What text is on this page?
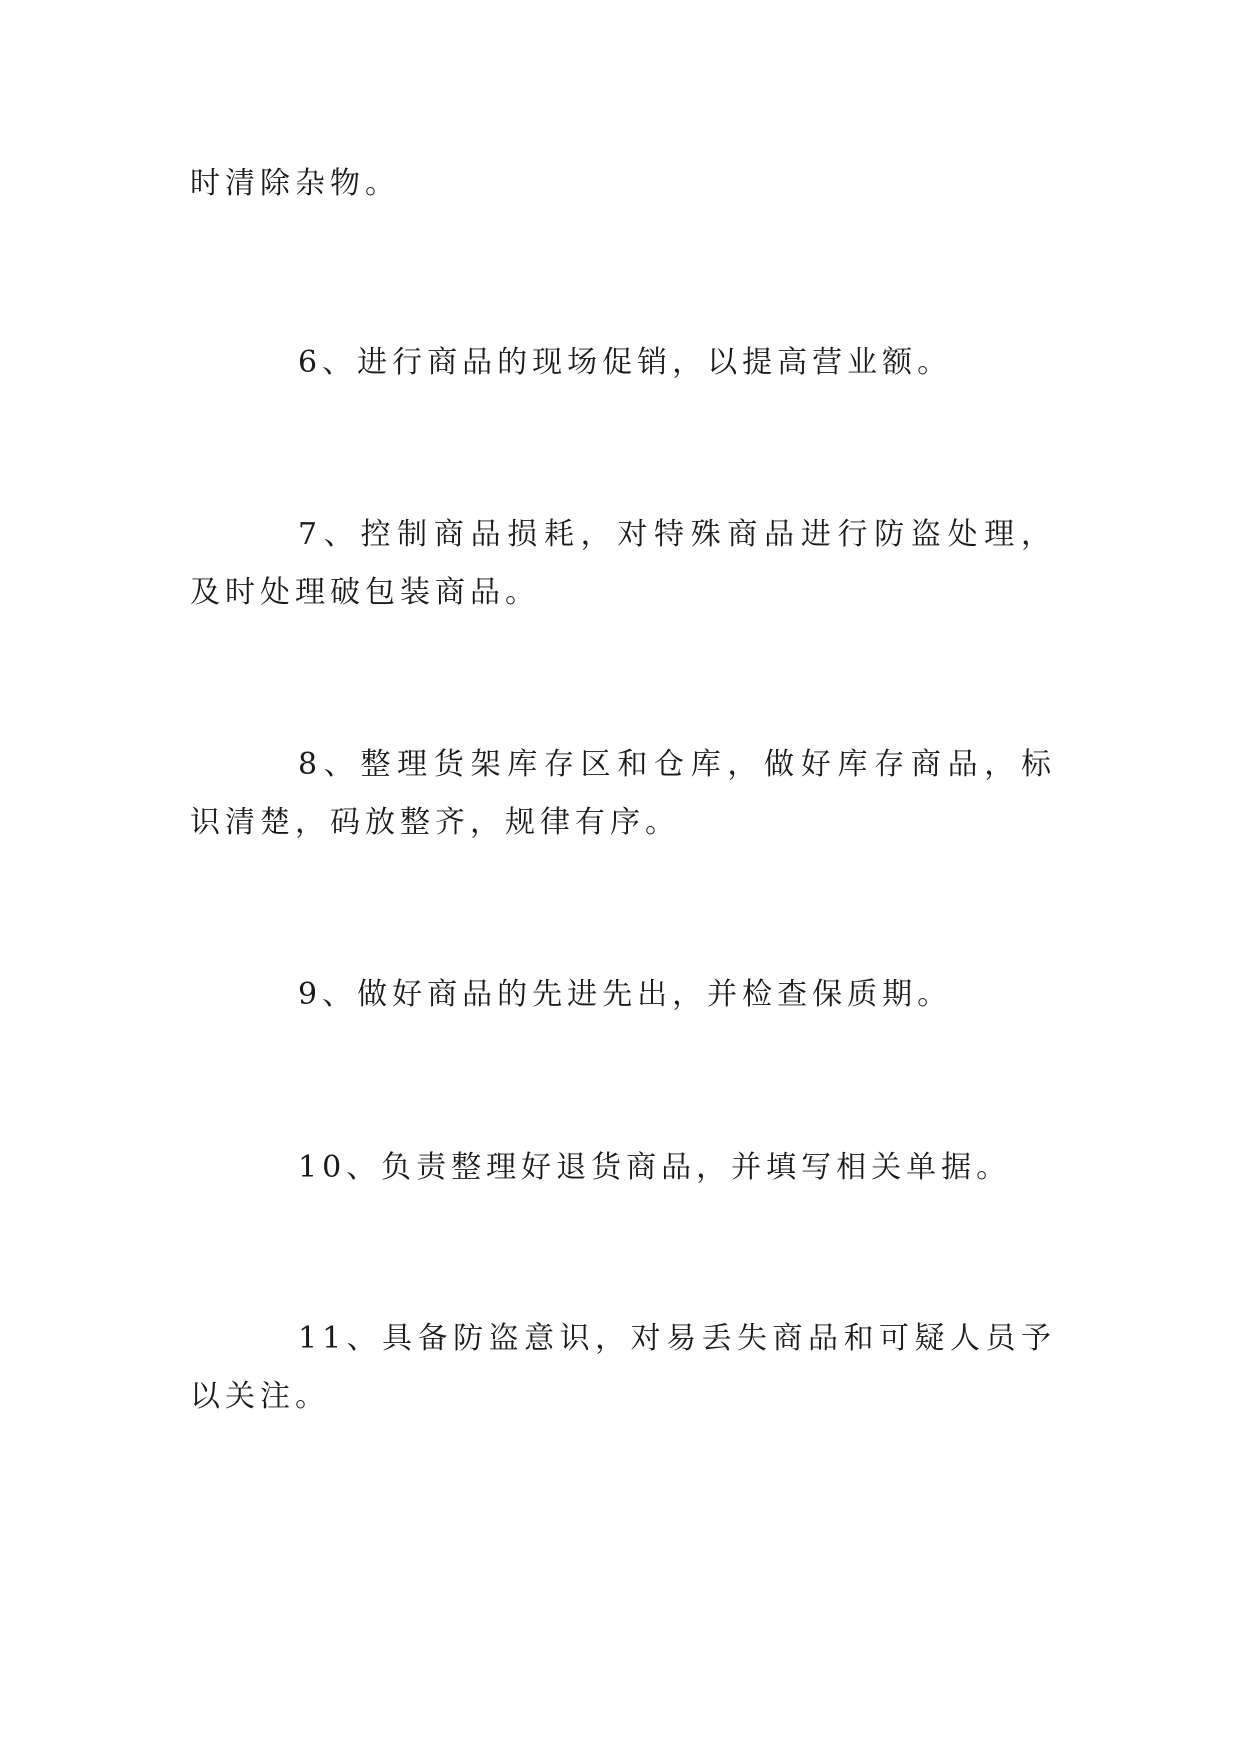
时清除杂物。

6、进行商品的现场促销，以提高营业额。

7、控制商品损耗，对特殊商品进行防盗处理，及时处理破包装商品。

8、整理货架库存区和仓库，做好库存商品，标识清楚，码放整齐，规律有序。

9、做好商品的先进先出，并检查保质期。

10、负责整理好退货商品，并填写相关单据。

11、具备防盗意识，对易丢失商品和可疑人员予以关注。
